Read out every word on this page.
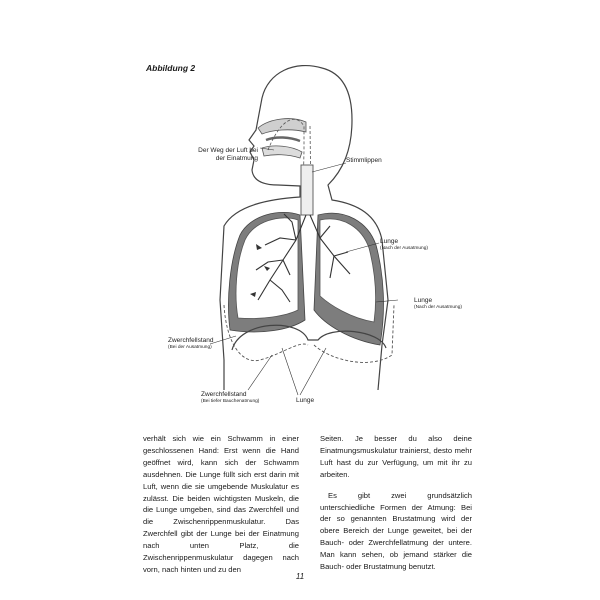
Abbildung 2
Der Weg der Luft bei
der Einatmung	Stimmlippen
Lunge
(Nach der Ausatmung)
Lunge
(Nach der Ausatmung)
Zwerchfellstand
(Bei der Ausatmung)
Zwerchfellstand
(Bei tiefer Bauchenatmung)	Lunge

verhält sich wie ein Schwamm in einer geschlossenen Hand: Erst wenn die Hand geöffnet wird, kann sich der Schwamm ausdehnen. Die Lunge füllt sich erst darin mit Luft, wenn die sie umgebende Muskulatur es zulässt. Die beiden wichtigsten Muskeln, die die Lunge umgeben, sind das Zwerchfell und die Zwischenrippenmuskulatur. Das Zwerchfell gibt der Lunge bei der Einatmung nach unten Platz, die Zwischenrippenmuskulatur dagegen nach vorn, nach hinten und zu den

Seiten. Je besser du also deine Einatmungsmuskulatur trainierst, desto mehr Luft hast du zur Verfügung, um mit ihr zu arbeiten.

Es gibt zwei grundsätzlich unterschiedliche Formen der Atmung: Bei der so genannten Brustatmung wird der obere Bereich der Lunge geweitet, bei der Bauch- oder Zwerchfellatmung der untere. Man kann sehen, ob jemand stärker die Bauch- oder Brustatmung benutzt.

11
